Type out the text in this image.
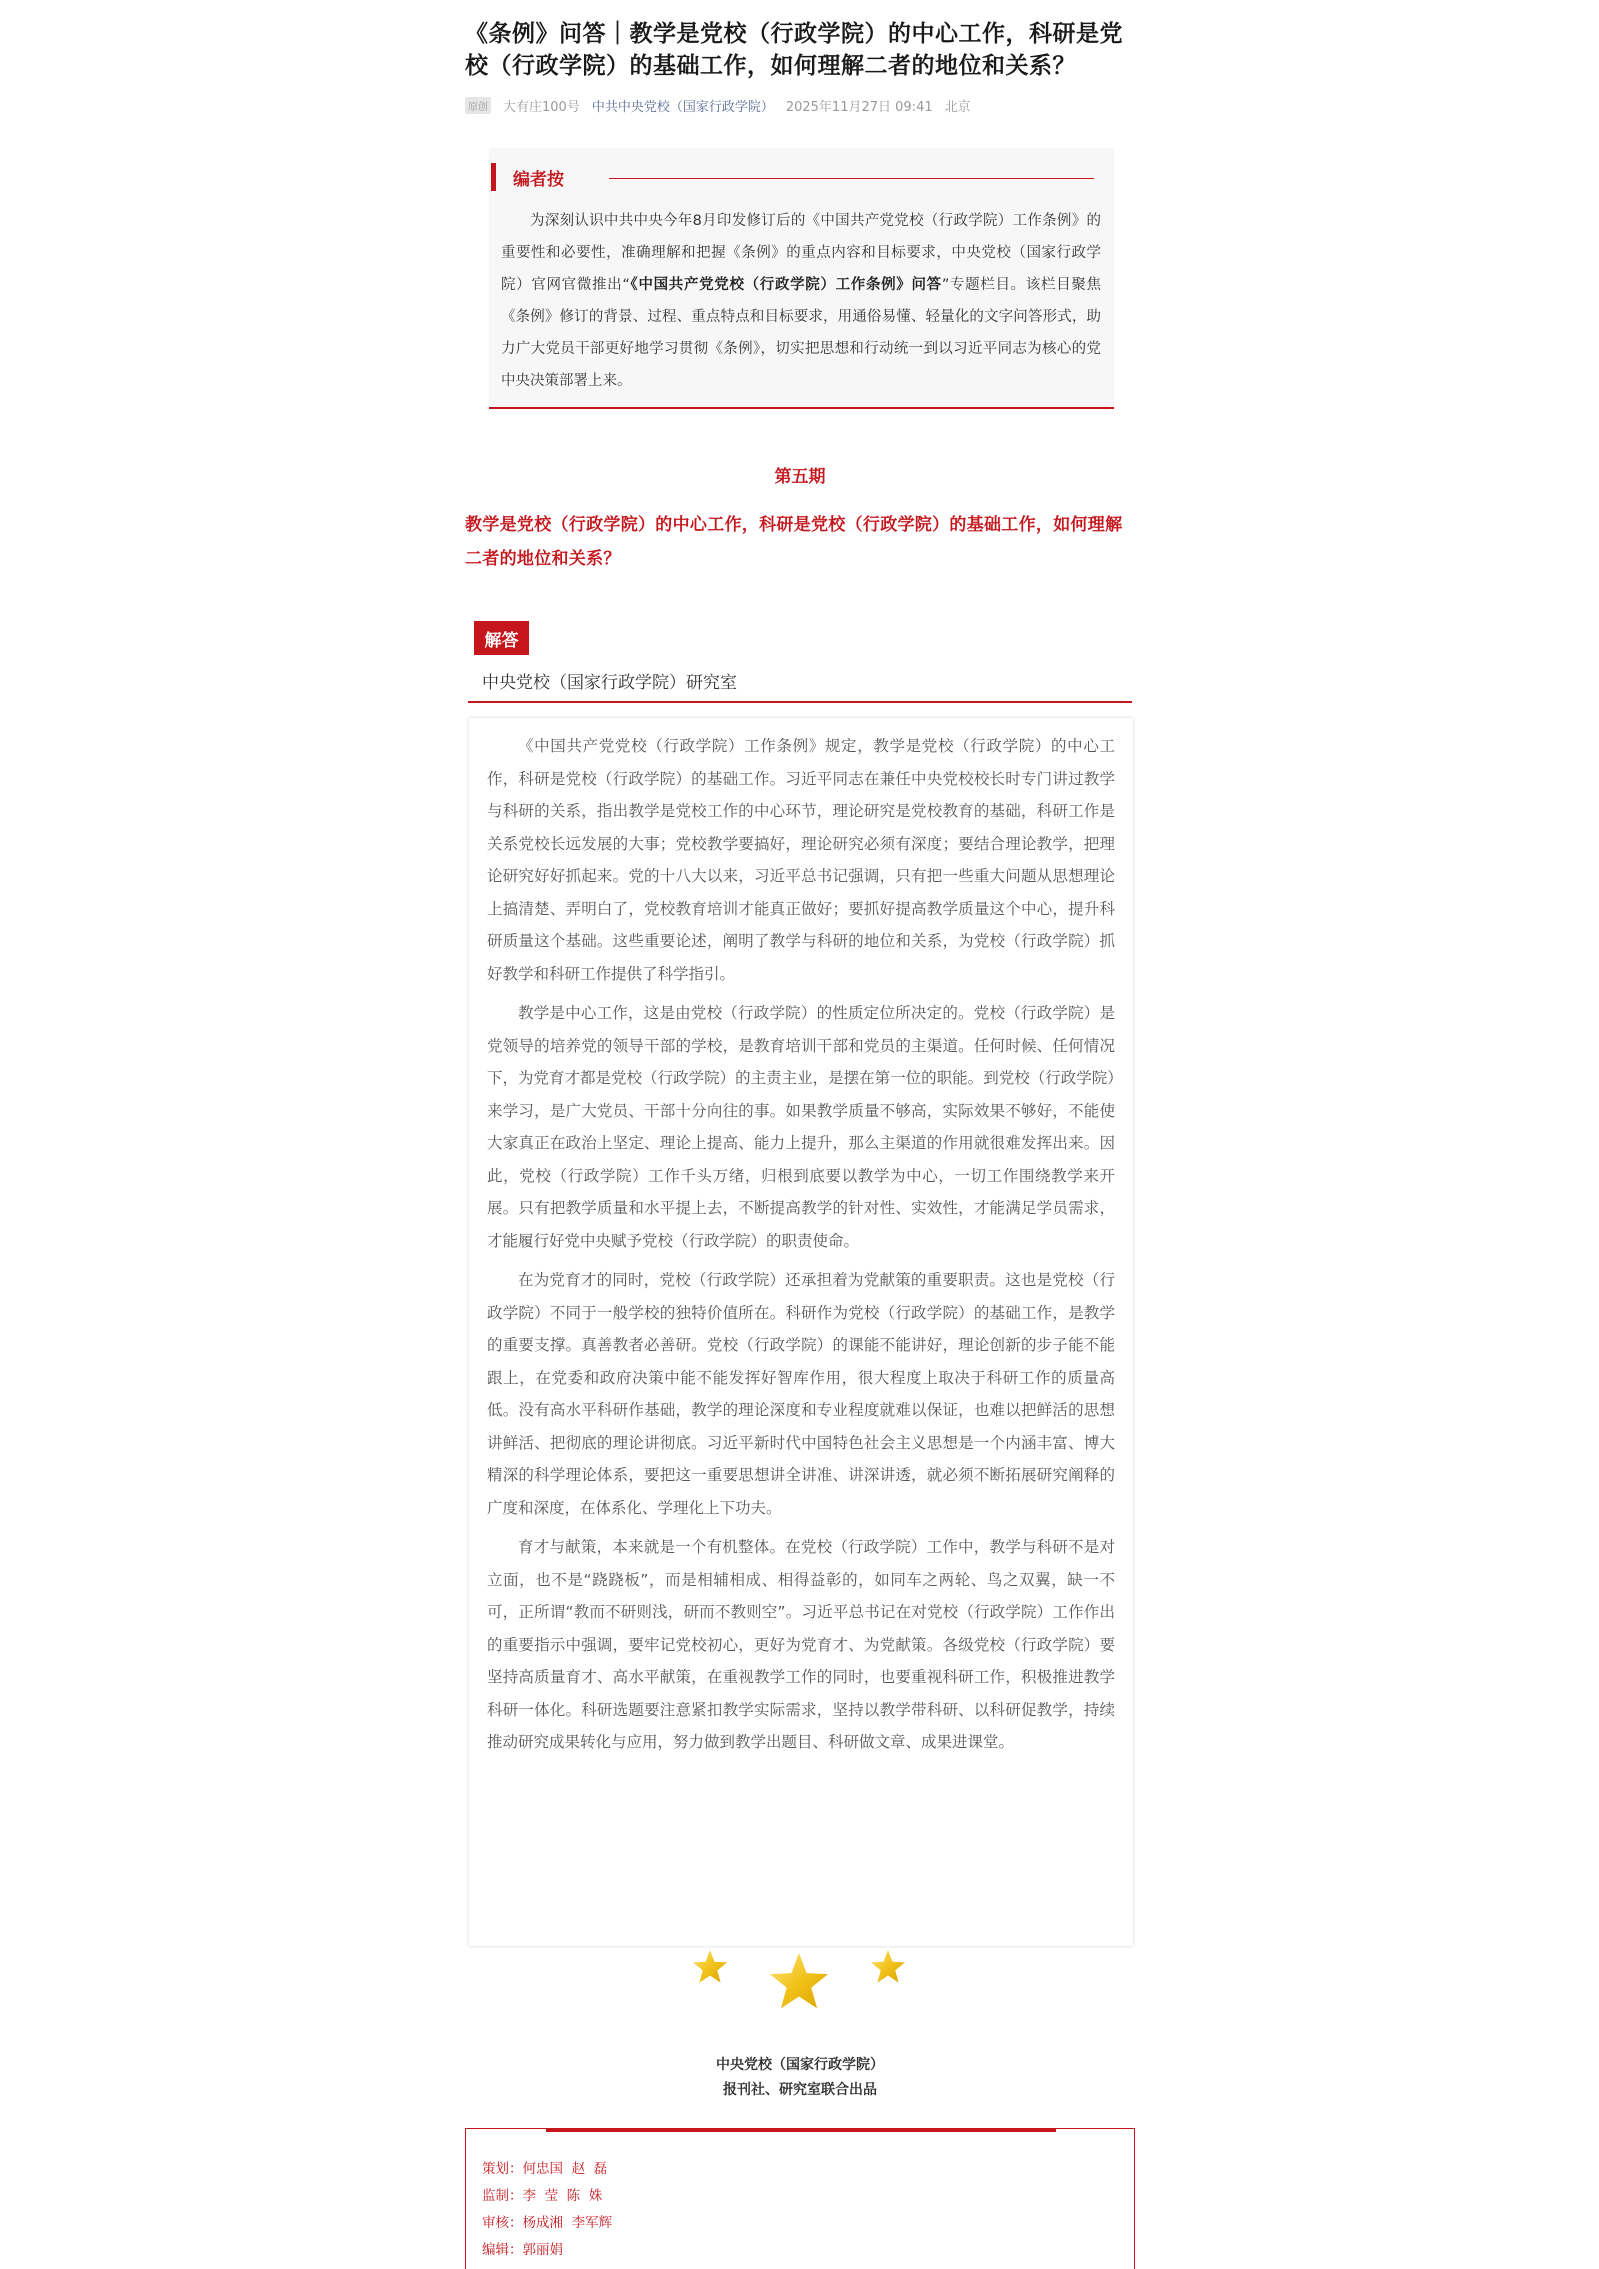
《条例》问答｜教学是党校（行政学院）的中心工作，科研是党校（行政学院）的基础工作，如何理解二者的地位和关系？
原创 大有庄100号 中共中央党校（国家行政学院） 2025年11月27日 09:41 北京
编者按
为深刻认识中共中央今年8月印发修订后的《中国共产党党校（行政学院）工作条例》的重要性和必要性，准确理解和把握《条例》的重点内容和目标要求，中央党校（国家行政学院）官网官微推出“《中国共产党党校（行政学院）工作条例》问答”专题栏目。该栏目聚焦《条例》修订的背景、过程、重点特点和目标要求，用通俗易懂、轻量化的文字问答形式，助力广大党员干部更好地学习贯彻《条例》，切实把思想和行动统一到以习近平同志为核心的党中央决策部署上来。
第五期
教学是党校（行政学院）的中心工作，科研是党校（行政学院）的基础工作，如何理解二者的地位和关系？
解答
中央党校（国家行政学院）研究室

《中国共产党党校（行政学院）工作条例》规定，教学是党校（行政学院）的中心工作，科研是党校（行政学院）的基础工作。习近平同志在兼任中央党校校长时专门讲过教学与科研的关系，指出教学是党校工作的中心环节，理论研究是党校教育的基础，科研工作是关系党校长远发展的大事；党校教学要搞好，理论研究必须有深度；要结合理论教学，把理论研究好好抓起来。党的十八大以来，习近平总书记强调，只有把一些重大问题从思想理论上搞清楚、弄明白了，党校教育培训才能真正做好；要抓好提高教学质量这个中心，提升科研质量这个基础。这些重要论述，阐明了教学与科研的地位和关系，为党校（行政学院）抓好教学和科研工作提供了科学指引。

教学是中心工作，这是由党校（行政学院）的性质定位所决定的。党校（行政学院）是党领导的培养党的领导干部的学校，是教育培训干部和党员的主渠道。任何时候、任何情况下，为党育才都是党校（行政学院）的主责主业，是摆在第一位的职能。到党校（行政学院）来学习，是广大党员、干部十分向往的事。如果教学质量不够高，实际效果不够好，不能使大家真正在政治上坚定、理论上提高、能力上提升，那么主渠道的作用就很难发挥出来。因此，党校（行政学院）工作千头万绪，归根到底要以教学为中心，一切工作围绕教学来开展。只有把教学质量和水平提上去，不断提高教学的针对性、实效性，才能满足学员需求，才能履行好党中央赋予党校（行政学院）的职责使命。

在为党育才的同时，党校（行政学院）还承担着为党献策的重要职责。这也是党校（行政学院）不同于一般学校的独特价值所在。科研作为党校（行政学院）的基础工作，是教学的重要支撑。真善教者必善研。党校（行政学院）的课能不能讲好，理论创新的步子能不能跟上，在党委和政府决策中能不能发挥好智库作用，很大程度上取决于科研工作的质量高低。没有高水平科研作基础，教学的理论深度和专业程度就难以保证，也难以把鲜活的思想讲鲜活、把彻底的理论讲彻底。习近平新时代中国特色社会主义思想是一个内涵丰富、博大精深的科学理论体系，要把这一重要思想讲全讲准、讲深讲透，就必须不断拓展研究阐释的广度和深度，在体系化、学理化上下功夫。

育才与献策，本来就是一个有机整体。在党校（行政学院）工作中，教学与科研不是对立面，也不是“跷跷板”，而是相辅相成、相得益彰的，如同车之两轮、鸟之双翼，缺一不可，正所谓“教而不研则浅，研而不教则空”。习近平总书记在对党校（行政学院）工作作出的重要指示中强调，要牢记党校初心，更好为党育才、为党献策。各级党校（行政学院）要坚持高质量育才、高水平献策，在重视教学工作的同时，也要重视科研工作，积极推进教学科研一体化。科研选题要注意紧扣教学实际需求，坚持以教学带科研、以科研促教学，持续推动研究成果转化与应用，努力做到教学出题目、科研做文章、成果进课堂。

中央党校（国家行政学院）
报刊社、研究室联合出品
策划：何忠国  赵  磊
监制：李  莹  陈  姝
审核：杨成湘  李军辉
编辑：郭丽娟
